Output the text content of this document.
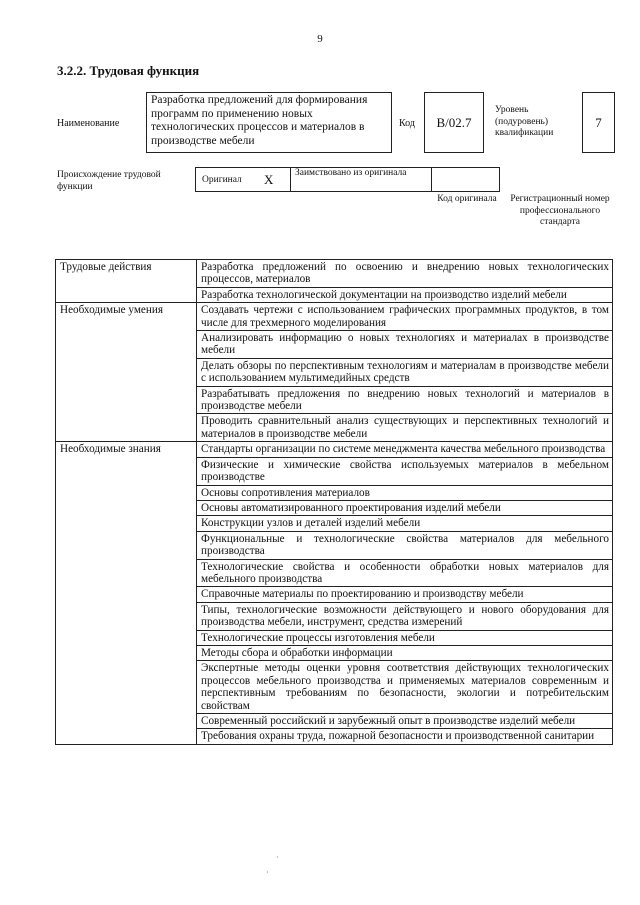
9
3.2.2. Трудовая функция
Наименование
Разработка предложений для формирования программ по применению новых технологических процессов и материалов в производстве мебели
Код В/02.7
Уровень (подуровень) квалификации
7
Происхождение трудовой функции
Оригинал X Заимствовано из оригинала
Код оригинала	Регистрационный номер профессионального стандарта
Трудовые действия	Разработка предложений по освоению и внедрению новых технологических процессов, материалов
	Разработка технологической документации на производство изделий мебели
Необходимые умения	Создавать чертежи с использованием графических программных продуктов, в том числе для трехмерного моделирования
	Анализировать информацию о новых технологиях и материалах в производстве мебели
	Делать обзоры по перспективным технологиям и материалам в производстве мебели с использованием мультимедийных средств
	Разрабатывать предложения по внедрению новых технологий и материалов в производстве мебели
	Проводить сравнительный анализ существующих и перспективных технологий и материалов в производстве мебели
Необходимые знания	Стандарты организации по системе менеджмента качества мебельного производства
	Физические и химические свойства используемых материалов в мебельном производстве
	Основы сопротивления материалов
	Основы автоматизированного проектирования изделий мебели
	Конструкции узлов и деталей изделий мебели
	Функциональные и технологические свойства материалов для мебельного производства
	Технологические свойства и особенности обработки новых материалов для мебельного производства
	Справочные материалы по проектированию и производству мебели
	Типы, технологические возможности действующего и нового оборудования для производства мебели, инструмент, средства измерений
	Технологические процессы изготовления мебели
	Методы сбора и обработки информации
	Экспертные методы оценки уровня соответствия действующих технологических процессов мебельного производства и применяемых материалов современным и перспективным требованиям по безопасности, экологии и потребительским свойствам
	Современный российский и зарубежный опыт в производстве изделий мебели
	Требования охраны труда, пожарной безопасности и производственной санитарии
·
·
